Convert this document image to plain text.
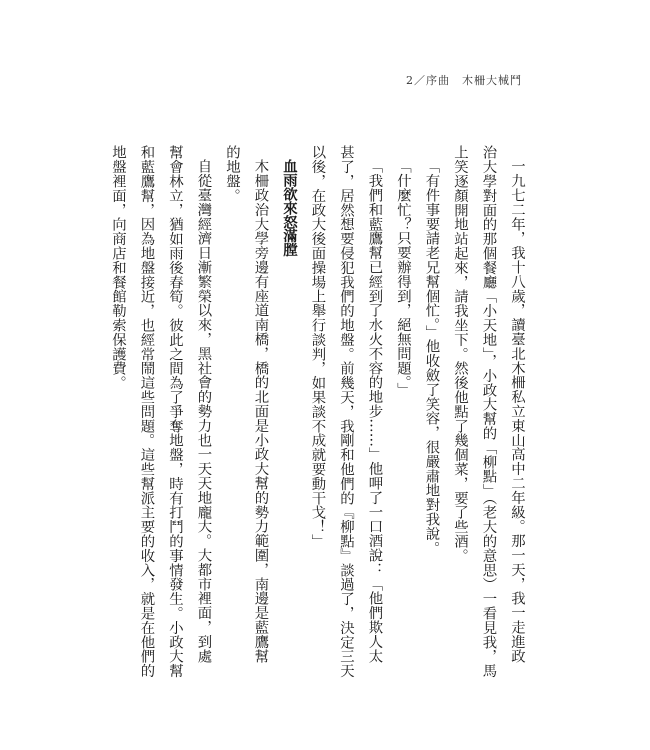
2／序曲　木柵大械鬥
一九七二年，我十八歲，讀臺北木柵私立東山高中二年級。那一天，我一走進政
治大學對面的那個餐廳「小天地」，小政大幫的「柳點」（老大的意思）一看見我，馬
上笑逐顏開地站起來，請我坐下。然後他點了幾個菜，要了些酒。
「有件事要請老兄幫個忙。」他收斂了笑容，很嚴肅地對我說。
「什麼忙？只要辦得到，絕無問題。」
「我們和藍鷹幫已經到了水火不容的地步……」他呷了一口酒說：「他們欺人太
甚了，居然想要侵犯我們的地盤。前幾天，我剛和他們的『柳點』談過了，決定三天
以後，在政大後面操場上舉行談判，如果談不成就要動干戈！」
血雨欲來怒滿膛
木柵政治大學旁邊有座道南橋，橋的北面是小政大幫的勢力範圍，南邊是藍鷹幫
的地盤。
自從臺灣經濟日漸繁榮以來，黑社會的勢力也一天天地龐大。大都市裡面，到處
幫會林立，猶如雨後春筍。彼此之間為了爭奪地盤，時有打鬥的事情發生。小政大幫
和藍鷹幫，因為地盤接近，也經常鬧這些問題。這些幫派主要的收入，就是在他們的
地盤裡面，向商店和餐館勒索保護費。
